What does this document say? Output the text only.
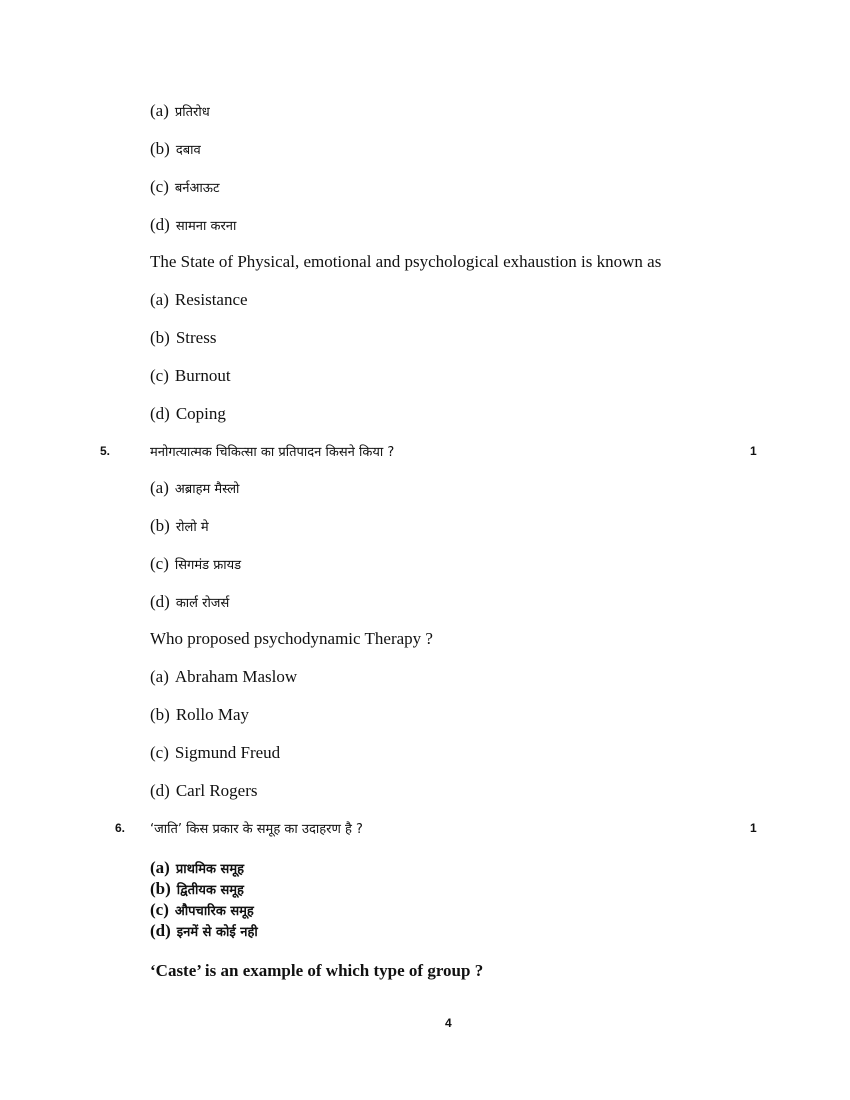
(a) प्रतिरोध
(b) दबाव
(c) बर्नआऊट
(d) सामना करना
The State of Physical, emotional and psychological exhaustion is known as
(a) Resistance
(b) Stress
(c) Burnout
(d) Coping
5.	मनोगत्यात्मक चिकित्सा का प्रतिपादन किसने किया ?	1
(a) अब्राहम मैस्लो
(b) रोलो मे
(c) सिगमंड फ्रायड
(d) कार्ल रोजर्स
Who proposed psychodynamic Therapy ?
(a) Abraham Maslow
(b) Rollo May
(c) Sigmund Freud
(d) Carl Rogers
6. ‘जाति’ किस प्रकार के समूह का उदाहरण है ?	1
(a) प्राथमिक समूह
(b) द्वितीयक समूह
(c) औपचारिक समूह
(d) इनमें से कोई नही
‘Caste’ is an example of which type of group ?
4
